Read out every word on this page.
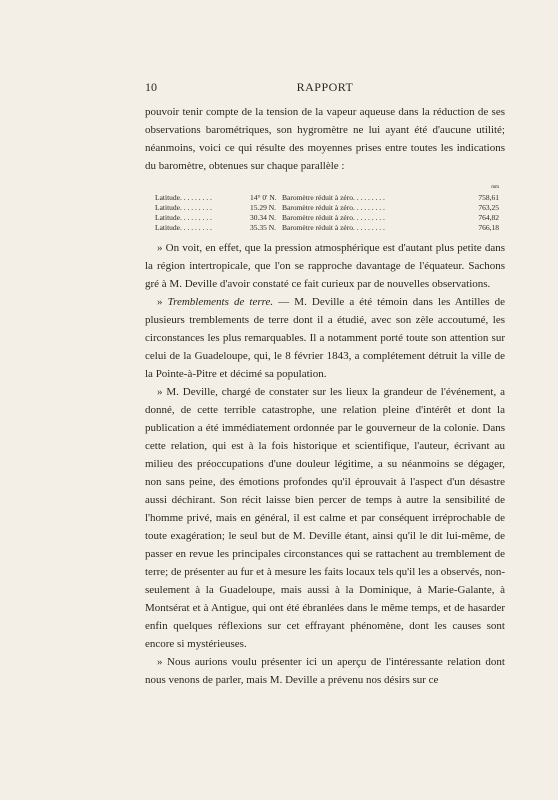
10	RAPPORT

pouvoir tenir compte de la tension de la vapeur aqueuse dans la réduction de ses observations barométriques, son hygromètre ne lui ayant été d'aucune utilité; néanmoins, voici ce qui résulte des moyennes prises entre toutes les indications du baromètre, obtenues sur chaque parallèle :

			mm
Latitude. . . . . . . . .	14° 0' N.	Baromètre réduit à zéro. . . . . . . . .	758,61
Latitude. . . . . . . . .	15.29 N.	Baromètre réduit à zéro. . . . . . . . .	763,25
Latitude. . . . . . . . .	30.34 N.	Baromètre réduit à zéro. . . . . . . . .	764,82
Latitude. . . . . . . . .	35.35 N.	Baromètre réduit à zéro. . . . . . . . .	766,18

» On voit, en effet, que la pression atmosphérique est d'autant plus petite dans la région intertropicale, que l'on se rapproche davantage de l'équateur. Sachons gré à M. Deville d'avoir constaté ce fait curieux par de nouvelles observations.

» Tremblements de terre. — M. Deville a été témoin dans les Antilles de plusieurs tremblements de terre dont il a étudié, avec son zèle accoutumé, les circonstances les plus remarquables. Il a notamment porté toute son attention sur celui de la Guadeloupe, qui, le 8 février 1843, a complétement détruit la ville de la Pointe-à-Pitre et décimé sa population.

» M. Deville, chargé de constater sur les lieux la grandeur de l'événement, a donné, de cette terrible catastrophe, une relation pleine d'intérêt et dont la publication a été immédiatement ordonnée par le gouverneur de la colonie. Dans cette relation, qui est à la fois historique et scientifique, l'auteur, écrivant au milieu des préoccupations d'une douleur légitime, a su néanmoins se dégager, non sans peine, des émotions profondes qu'il éprouvait à l'aspect d'un désastre aussi déchirant. Son récit laisse bien percer de temps à autre la sensibilité de l'homme privé, mais en général, il est calme et par conséquent irréprochable de toute exagération; le seul but de M. Deville étant, ainsi qu'il le dit lui-même, de passer en revue les principales circonstances qui se rattachent au tremblement de terre; de présenter au fur et à mesure les faits locaux tels qu'il les a observés, non-seulement à la Guadeloupe, mais aussi à la Dominique, à Marie-Galante, à Montsérat et à Antigue, qui ont été ébranlées dans le même temps, et de hasarder enfin quelques réflexions sur cet effrayant phénomène, dont les causes sont encore si mystérieuses.

» Nous aurions voulu présenter ici un aperçu de l'intéressante relation dont nous venons de parler, mais M. Deville a prévenu nos désirs sur ce
